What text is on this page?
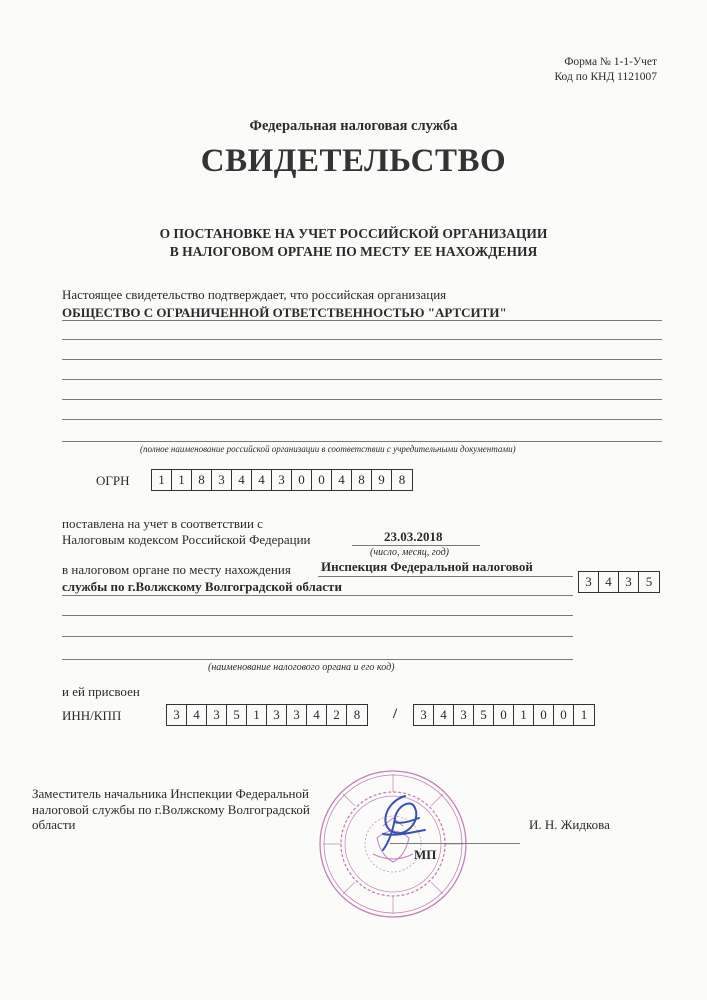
Форма № 1-1-Учет
Код по КНД 1121007
Федеральная налоговая служба
СВИДЕТЕЛЬСТВО
О ПОСТАНОВКЕ НА УЧЕТ РОССИЙСКОЙ ОРГАНИЗАЦИИ
В НАЛОГОВОМ ОРГАНЕ ПО МЕСТУ ЕЕ НАХОЖДЕНИЯ
Настоящее свидетельство подтверждает, что российская организация
ОБЩЕСТВО С ОГРАНИЧЕННОЙ ОТВЕТСТВЕННОСТЬЮ "АРТСИТИ"
(полное наименование российской организации в соответствии с учредительными документами)
ОГРН	1	1	8	3	4	4	3	0	0	4	8	9	8
поставлена на учет в соответствии с
Налоговым кодексом Российской Федерации	23.03.2018
(число, месяц, год)
в налоговом органе по месту нахождения Инспекция Федеральной налоговой
службы по г.Волжскому Волгоградской области	3	4	3	5
(наименование налогового органа и его код)
и ей присвоен
ИНН/КПП	3	4	3	5	1	3	3	4	2	8	/	3	4	3	5	0	1	0	0	1
Заместитель начальника Инспекции Федеральной
налоговой службы по г.Волжскому Волгоградской
области
МП
И. Н. Жидкова
